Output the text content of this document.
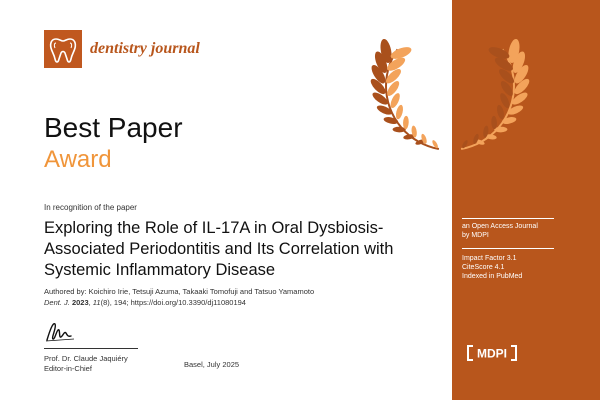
dentistry journal
Best Paper
Award
In recognition of the paper
Exploring the Role of IL-17A in Oral Dysbiosis-Associated Periodontitis and Its Correlation with Systemic Inflammatory Disease
Authored by: Koichiro Irie, Tetsuji Azuma, Takaaki Tomofuji and Tatsuo Yamamoto
Dent. J. 2023, 11(8), 194; https://doi.org/10.3390/dj11080194
Prof. Dr. Claude Jaquiéry
Editor-in-Chief	Basel, July 2025
an Open Access Journal
by MDPI
Impact Factor 3.1
CiteScore 4.1
Indexed in PubMed
MDPI
